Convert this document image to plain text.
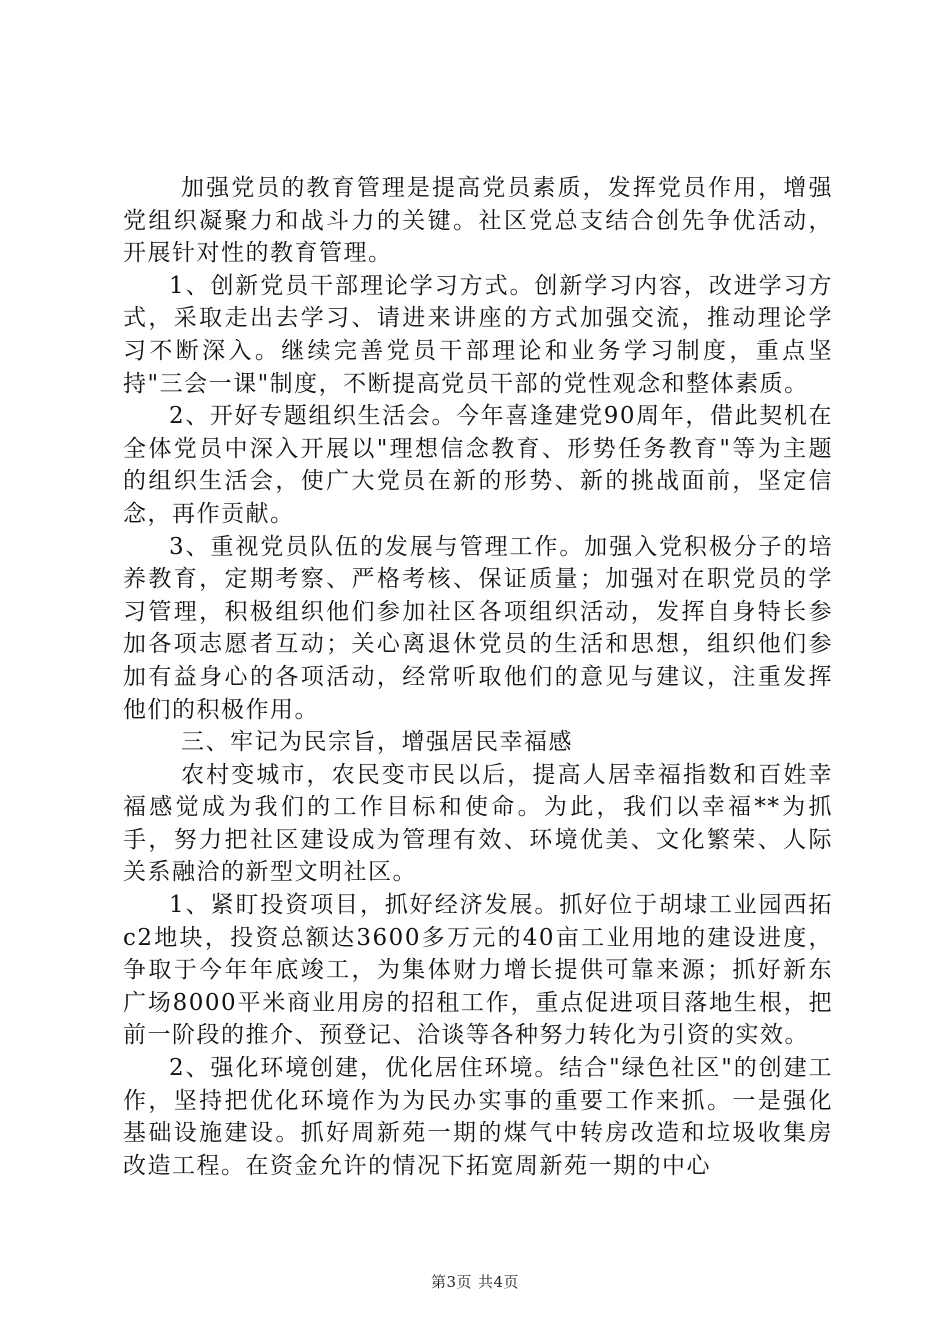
加强党员的教育管理是提高党员素质，发挥党员作用，增强党组织凝聚力和战斗力的关键。社区党总支结合创先争优活动，开展针对性的教育管理。

1、创新党员干部理论学习方式。创新学习内容，改进学习方式，采取走出去学习、请进来讲座的方式加强交流，推动理论学习不断深入。继续完善党员干部理论和业务学习制度，重点坚持"三会一课"制度，不断提高党员干部的党性观念和整体素质。

2、开好专题组织生活会。今年喜逢建党90周年，借此契机在全体党员中深入开展以"理想信念教育、形势任务教育"等为主题的组织生活会，使广大党员在新的形势、新的挑战面前，坚定信念，再作贡献。

3、重视党员队伍的发展与管理工作。加强入党积极分子的培养教育，定期考察、严格考核、保证质量；加强对在职党员的学习管理，积极组织他们参加社区各项组织活动，发挥自身特长参加各项志愿者互动；关心离退休党员的生活和思想，组织他们参加有益身心的各项活动，经常听取他们的意见与建议，注重发挥他们的积极作用。

三、牢记为民宗旨，增强居民幸福感

农村变城市，农民变市民以后，提高人居幸福指数和百姓幸福感觉成为我们的工作目标和使命。为此，我们以幸福**为抓手，努力把社区建设成为管理有效、环境优美、文化繁荣、人际关系融洽的新型文明社区。

1、紧盯投资项目，抓好经济发展。抓好位于胡埭工业园西拓c2地块，投资总额达3600多万元的40亩工业用地的建设进度，争取于今年年底竣工，为集体财力增长提供可靠来源；抓好新东广场8000平米商业用房的招租工作，重点促进项目落地生根，把前一阶段的推介、预登记、洽谈等各种努力转化为引资的实效。

2、强化环境创建，优化居住环境。结合"绿色社区"的创建工作，坚持把优化环境作为为民办实事的重要工作来抓。一是强化基础设施建设。抓好周新苑一期的煤气中转房改造和垃圾收集房改造工程。在资金允许的情况下拓宽周新苑一期的中心

第3页 共4页
